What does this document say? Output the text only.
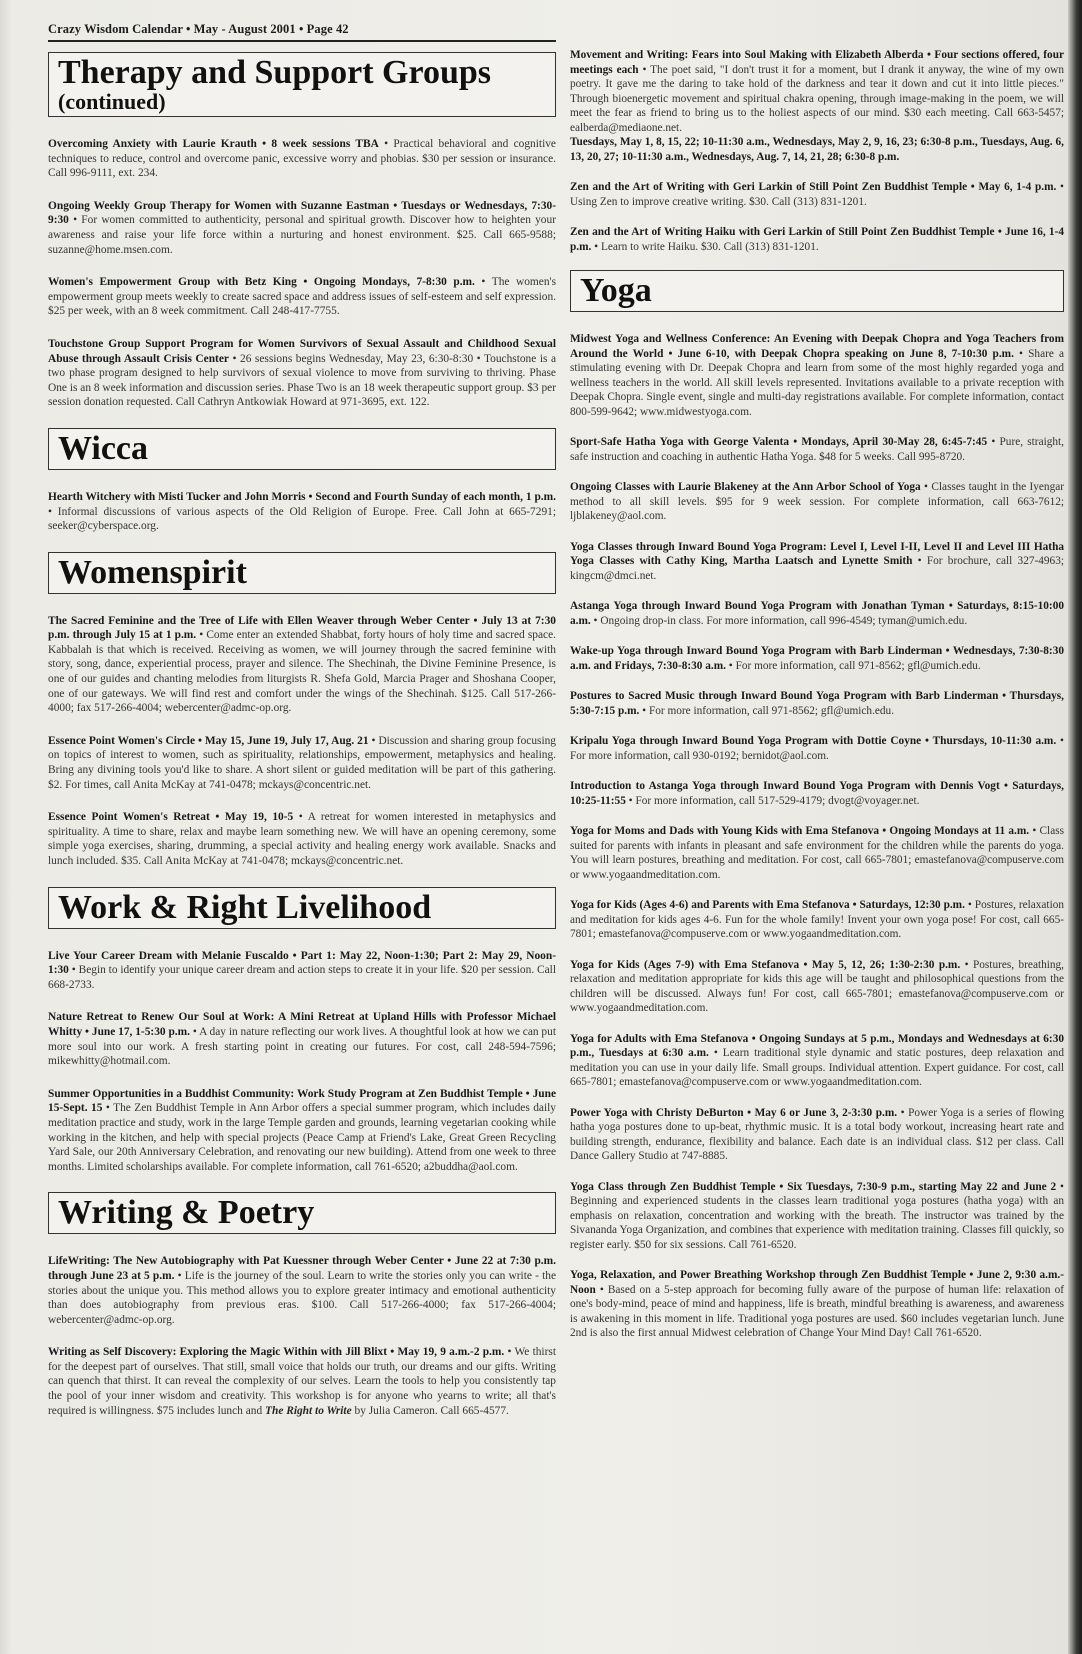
Crazy Wisdom Calendar • May - August 2001 • Page 42
Therapy and Support Groups
(continued)
Overcoming Anxiety with Laurie Krauth • 8 week sessions TBA • Practical behavioral and cognitive techniques to reduce, control and overcome panic, excessive worry and phobias. $30 per session or insurance. Call 996-9111, ext. 234.
Ongoing Weekly Group Therapy for Women with Suzanne Eastman • Tuesdays or Wednesdays, 7:30-9:30 • For women committed to authenticity, personal and spiritual growth. Discover how to heighten your awareness and raise your life force within a nurturing and honest environment. $25. Call 665-9588; suzanne@home.msen.com.
Women's Empowerment Group with Betz King • Ongoing Mondays, 7-8:30 p.m. • The women's empowerment group meets weekly to create sacred space and address issues of self-esteem and self expression. $25 per week, with an 8 week commitment. Call 248-417-7755.
Touchstone Group Support Program for Women Survivors of Sexual Assault and Childhood Sexual Abuse through Assault Crisis Center • 26 sessions begins Wednesday, May 23, 6:30-8:30 • Touchstone is a two phase program designed to help survivors of sexual violence to move from surviving to thriving. Phase One is an 8 week information and discussion series. Phase Two is an 18 week therapeutic support group. $3 per session donation requested. Call Cathryn Antkowiak Howard at 971-3695, ext. 122.
Wicca
Hearth Witchery with Misti Tucker and John Morris • Second and Fourth Sunday of each month, 1 p.m. • Informal discussions of various aspects of the Old Religion of Europe. Free. Call John at 665-7291; seeker@cyberspace.org.
Womenspirit
The Sacred Feminine and the Tree of Life with Ellen Weaver through Weber Center • July 13 at 7:30 p.m. through July 15 at 1 p.m. • Come enter an extended Shabbat, forty hours of holy time and sacred space. Kabbalah is that which is received. Receiving as women, we will journey through the sacred feminine with story, song, dance, experiential process, prayer and silence. The Shechinah, the Divine Feminine Presence, is one of our guides and chanting melodies from liturgists R. Shefa Gold, Marcia Prager and Shoshana Cooper, one of our gateways. We will find rest and comfort under the wings of the Shechinah. $125. Call 517-266-4000; fax 517-266-4004; webercenter@admc-op.org.
Essence Point Women's Circle • May 15, June 19, July 17, Aug. 21 • Discussion and sharing group focusing on topics of interest to women, such as spirituality, relationships, empowerment, metaphysics and healing. Bring any divining tools you'd like to share. A short silent or guided meditation will be part of this gathering. $2. For times, call Anita McKay at 741-0478; mckays@concentric.net.
Essence Point Women's Retreat • May 19, 10-5 • A retreat for women interested in metaphysics and spirituality. A time to share, relax and maybe learn something new. We will have an opening ceremony, some simple yoga exercises, sharing, drumming, a special activity and healing energy work available. Snacks and lunch included. $35. Call Anita McKay at 741-0478; mckays@concentric.net.
Work & Right Livelihood
Live Your Career Dream with Melanie Fuscaldo • Part 1: May 22, Noon-1:30; Part 2: May 29, Noon-1:30 • Begin to identify your unique career dream and action steps to create it in your life. $20 per session. Call 668-2733.
Nature Retreat to Renew Our Soul at Work: A Mini Retreat at Upland Hills with Professor Michael Whitty • June 17, 1-5:30 p.m. • A day in nature reflecting our work lives. A thoughtful look at how we can put more soul into our work. A fresh starting point in creating our futures. For cost, call 248-594-7596; mikewhitty@hotmail.com.
Summer Opportunities in a Buddhist Community: Work Study Program at Zen Buddhist Temple • June 15-Sept. 15 • The Zen Buddhist Temple in Ann Arbor offers a special summer program, which includes daily meditation practice and study, work in the large Temple garden and grounds, learning vegetarian cooking while working in the kitchen, and help with special projects (Peace Camp at Friend's Lake, Great Green Recycling Yard Sale, our 20th Anniversary Celebration, and renovating our new building). Attend from one week to three months. Limited scholarships available. For complete information, call 761-6520; a2buddha@aol.com.
Writing & Poetry
LifeWriting: The New Autobiography with Pat Kuessner through Weber Center • June 22 at 7:30 p.m. through June 23 at 5 p.m. • Life is the journey of the soul. Learn to write the stories only you can write - the stories about the unique you. This method allows you to explore greater intimacy and emotional authenticity than does autobiography from previous eras. $100. Call 517-266-4000; fax 517-266-4004; webercenter@admc-op.org.
Writing as Self Discovery: Exploring the Magic Within with Jill Blixt • May 19, 9 a.m.-2 p.m. • We thirst for the deepest part of ourselves. That still, small voice that holds our truth, our dreams and our gifts. Writing can quench that thirst. It can reveal the complexity of our selves. Learn the tools to help you consistently tap the pool of your inner wisdom and creativity. This workshop is for anyone who yearns to write; all that's required is willingness. $75 includes lunch and The Right to Write by Julia Cameron. Call 665-4577.
Movement and Writing: Fears into Soul Making with Elizabeth Alberda • Four sections offered, four meetings each • The poet said, "I don't trust it for a moment, but I drank it anyway, the wine of my own poetry. It gave me the daring to take hold of the darkness and tear it down and cut it into little pieces." Through bioenergetic movement and spiritual chakra opening, through image-making in the poem, we will meet the fear as friend to bring us to the holiest aspects of our mind. $30 each meeting. Call 663-5457; ealberda@mediaone.net.
Tuesdays, May 1, 8, 15, 22; 10-11:30 a.m., Wednesdays, May 2, 9, 16, 23; 6:30-8 p.m., Tuesdays, Aug. 6, 13, 20, 27; 10-11:30 a.m., Wednesdays, Aug. 7, 14, 21, 28; 6:30-8 p.m.
Zen and the Art of Writing with Geri Larkin of Still Point Zen Buddhist Temple • May 6, 1-4 p.m. • Using Zen to improve creative writing. $30. Call (313) 831-1201.
Zen and the Art of Writing Haiku with Geri Larkin of Still Point Zen Buddhist Temple • June 16, 1-4 p.m. • Learn to write Haiku. $30. Call (313) 831-1201.
Yoga
Midwest Yoga and Wellness Conference: An Evening with Deepak Chopra and Yoga Teachers from Around the World • June 6-10, with Deepak Chopra speaking on June 8, 7-10:30 p.m. • Share a stimulating evening with Dr. Deepak Chopra and learn from some of the most highly regarded yoga and wellness teachers in the world. All skill levels represented. Invitations available to a private reception with Deepak Chopra. Single event, single and multi-day registrations available. For complete information, contact 800-599-9642; www.midwestyoga.com.
Sport-Safe Hatha Yoga with George Valenta • Mondays, April 30-May 28, 6:45-7:45 • Pure, straight, safe instruction and coaching in authentic Hatha Yoga. $48 for 5 weeks. Call 995-8720.
Ongoing Classes with Laurie Blakeney at the Ann Arbor School of Yoga • Classes taught in the Iyengar method to all skill levels. $95 for 9 week session. For complete information, call 663-7612; ljblakeney@aol.com.
Yoga Classes through Inward Bound Yoga Program: Level I, Level I-II, Level II and Level III Hatha Yoga Classes with Cathy King, Martha Laatsch and Lynette Smith • For brochure, call 327-4963; kingcm@dmci.net.
Astanga Yoga through Inward Bound Yoga Program with Jonathan Tyman • Saturdays, 8:15-10:00 a.m. • Ongoing drop-in class. For more information, call 996-4549; tyman@umich.edu.
Wake-up Yoga through Inward Bound Yoga Program with Barb Linderman • Wednesdays, 7:30-8:30 a.m. and Fridays, 7:30-8:30 a.m. • For more information, call 971-8562; gfl@umich.edu.
Postures to Sacred Music through Inward Bound Yoga Program with Barb Linderman • Thursdays, 5:30-7:15 p.m. • For more information, call 971-8562; gfl@umich.edu.
Kripalu Yoga through Inward Bound Yoga Program with Dottie Coyne • Thursdays, 10-11:30 a.m. • For more information, call 930-0192; bernidot@aol.com.
Introduction to Astanga Yoga through Inward Bound Yoga Program with Dennis Vogt • Saturdays, 10:25-11:55 • For more information, call 517-529-4179; dvogt@voyager.net.
Yoga for Moms and Dads with Young Kids with Ema Stefanova • Ongoing Mondays at 11 a.m. • Class suited for parents with infants in pleasant and safe environment for the children while the parents do yoga. You will learn postures, breathing and meditation. For cost, call 665-7801; emastefanova@compuserve.com or www.yogaandmeditation.com.
Yoga for Kids (Ages 4-6) and Parents with Ema Stefanova • Saturdays, 12:30 p.m. • Postures, relaxation and meditation for kids ages 4-6. Fun for the whole family! Invent your own yoga pose! For cost, call 665-7801; emastefanova@compuserve.com or www.yogaandmeditation.com.
Yoga for Kids (Ages 7-9) with Ema Stefanova • May 5, 12, 26; 1:30-2:30 p.m. • Postures, breathing, relaxation and meditation appropriate for kids this age will be taught and philosophical questions from the children will be discussed. Always fun! For cost, call 665-7801; emastefanova@compuserve.com or www.yogaandmeditation.com.
Yoga for Adults with Ema Stefanova • Ongoing Sundays at 5 p.m., Mondays and Wednesdays at 6:30 p.m., Tuesdays at 6:30 a.m. • Learn traditional style dynamic and static postures, deep relaxation and meditation you can use in your daily life. Small groups. Individual attention. Expert guidance. For cost, call 665-7801; emastefanova@compuserve.com or www.yogaandmeditation.com.
Power Yoga with Christy DeBurton • May 6 or June 3, 2-3:30 p.m. • Power Yoga is a series of flowing hatha yoga postures done to up-beat, rhythmic music. It is a total body workout, increasing heart rate and building strength, endurance, flexibility and balance. Each date is an individual class. $12 per class. Call Dance Gallery Studio at 747-8885.
Yoga Class through Zen Buddhist Temple • Six Tuesdays, 7:30-9 p.m., starting May 22 and June 2 • Beginning and experienced students in the classes learn traditional yoga postures (hatha yoga) with an emphasis on relaxation, concentration and working with the breath. The instructor was trained by the Sivananda Yoga Organization, and combines that experience with meditation training. Classes fill quickly, so register early. $50 for six sessions. Call 761-6520.
Yoga, Relaxation, and Power Breathing Workshop through Zen Buddhist Temple • June 2, 9:30 a.m.-Noon • Based on a 5-step approach for becoming fully aware of the purpose of human life: relaxation of one's body-mind, peace of mind and happiness, life is breath, mindful breathing is awareness, and awareness is awakening in this moment in life. Traditional yoga postures are used. $60 includes vegetarian lunch. June 2nd is also the first annual Midwest celebration of Change Your Mind Day! Call 761-6520.
